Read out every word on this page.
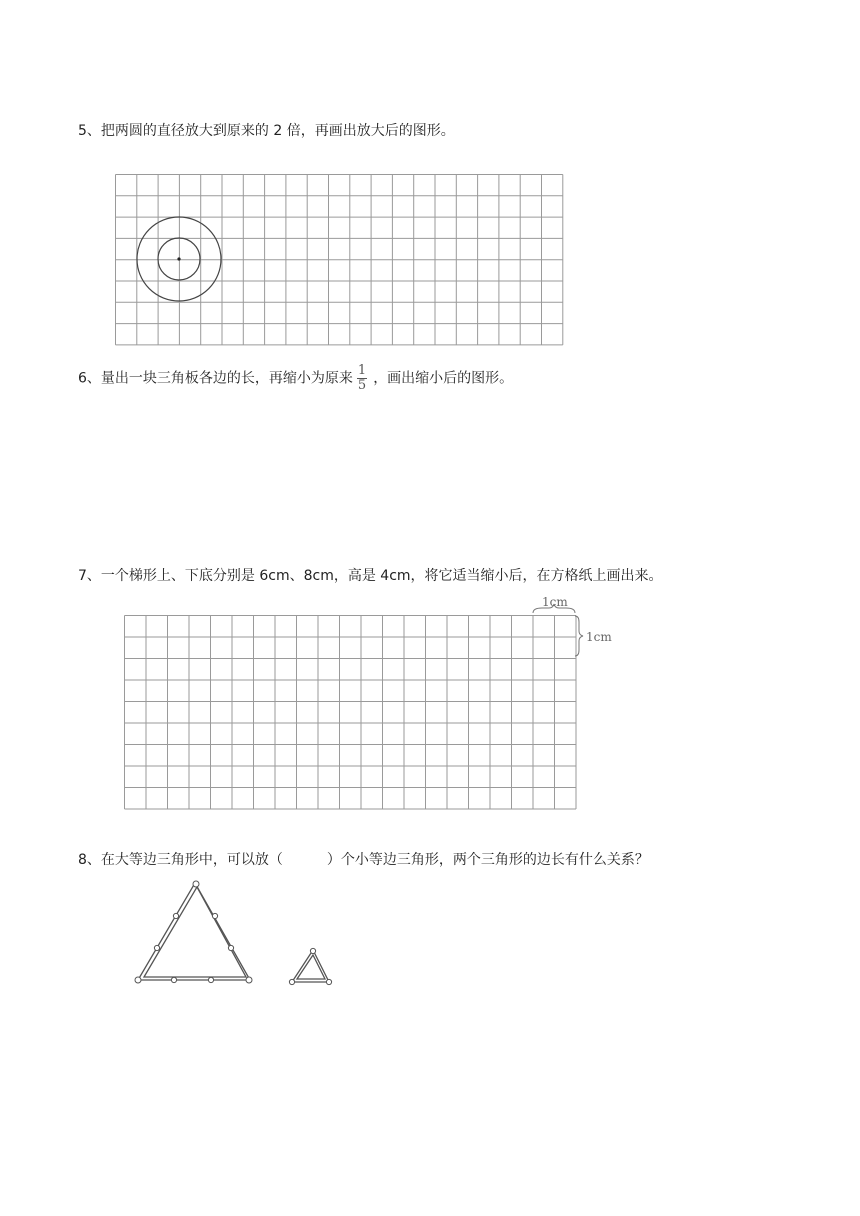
5、把两圆的直径放大到原来的 2 倍，再画出放大后的图形。
6、量出一块三角板各边的长，再缩小为原来 $\frac{1}{5}$ ，画出缩小后的图形。
7、一个梯形上、下底分别是 6cm、8cm，高是 4cm，将它适当缩小后，在方格纸上画出来。
1cm
1cm
8、在大等边三角形中，可以放（	）个小等边三角形，两个三角形的边长有什么关系？
